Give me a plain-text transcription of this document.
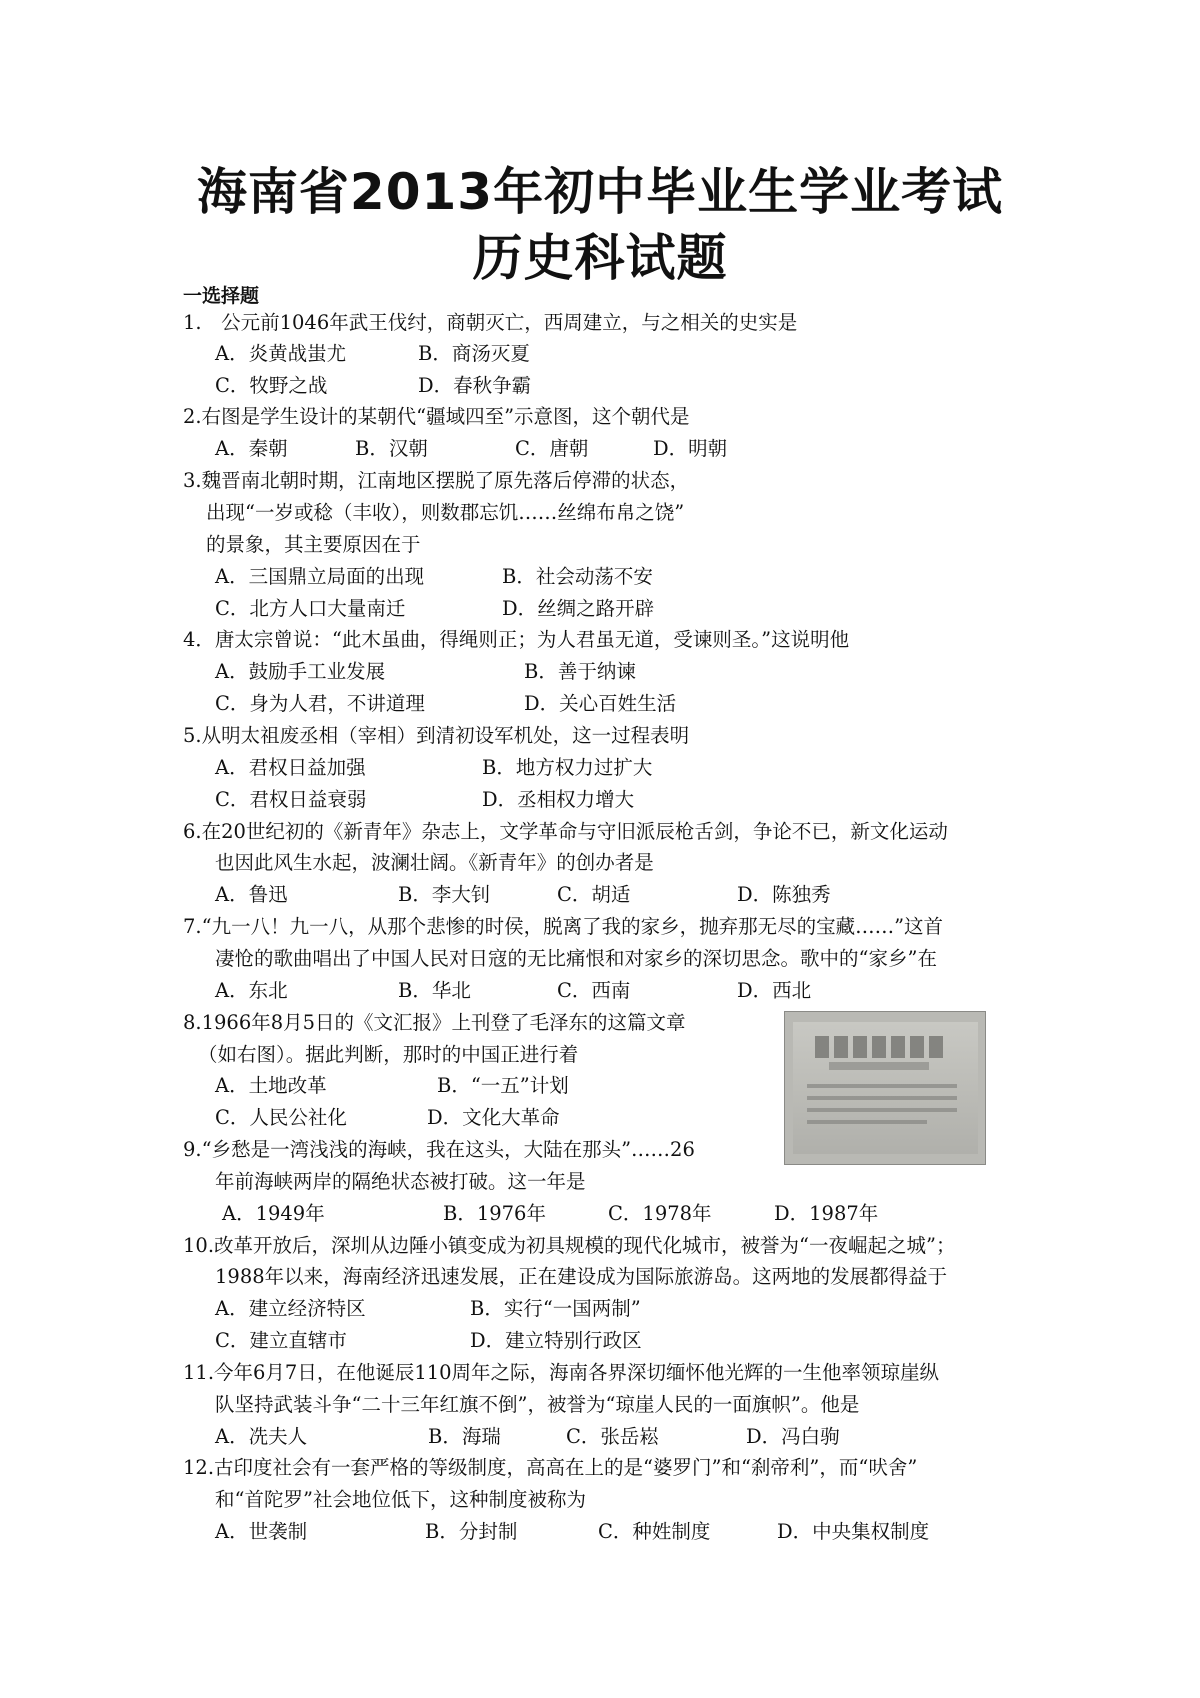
海南省2013年初中毕业生学业考试
历史科试题
一选择题
1.　公元前1046年武王伐纣，商朝灭亡，西周建立，与之相关的史实是
A．炎黄战蚩尤	B．商汤灭夏
C．牧野之战	D．春秋争霸
2.右图是学生设计的某朝代“疆域四至”示意图，这个朝代是
A．秦朝	B．汉朝	C．唐朝	D．明朝
3.魏晋南北朝时期，江南地区摆脱了原先落后停滞的状态，
出现“一岁或稔（丰收），则数郡忘饥……丝绵布帛之饶”
的景象，其主要原因在于
A．三国鼎立局面的出现	B．社会动荡不安
C．北方人口大量南迁	D．丝绸之路开辟
4．唐太宗曾说：“此木虽曲，得绳则正；为人君虽无道，受谏则圣。”这说明他
A．鼓励手工业发展	B．善于纳谏
C．身为人君，不讲道理	D．关心百姓生活
5.从明太祖废丞相（宰相）到清初设军机处，这一过程表明
A．君权日益加强	B．地方权力过扩大
C．君权日益衰弱	D．丞相权力增大
6.在20世纪初的《新青年》杂志上，文学革命与守旧派辰枪舌剑，争论不已，新文化运动
也因此风生水起，波澜壮阔。《新青年》的创办者是
A．鲁迅	B．李大钊	C．胡适	D．陈独秀
7.“九一八！九一八，从那个悲惨的时侯，脱离了我的家乡，抛弃那无尽的宝藏……”这首
凄怆的歌曲唱出了中国人民对日寇的无比痛恨和对家乡的深切思念。歌中的“家乡”在
A．东北	B．华北	C．西南	D．西北
8.1966年8月5日的《文汇报》上刊登了毛泽东的这篇文章
（如右图）。据此判断，那时的中国正进行着
A．土地改革	B．“一五”计划
C．人民公社化	D．文化大革命
9.“乡愁是一湾浅浅的海峡，我在这头，大陆在那头”……26
年前海峡两岸的隔绝状态被打破。这一年是
A．1949年	B．1976年	C．1978年	D．1987年
10.改革开放后，深圳从边陲小镇变成为初具规模的现代化城市，被誉为“一夜崛起之城”；
1988年以来，海南经济迅速发展，正在建设成为国际旅游岛。这两地的发展都得益于
A．建立经济特区	B．实行“一国两制”
C．建立直辖市	D．建立特别行政区
11.今年6月7日，在他诞辰110周年之际，海南各界深切缅怀他光辉的一生他率领琼崖纵
队坚持武装斗争“二十三年红旗不倒”，被誉为“琼崖人民的一面旗帜”。他是
A．冼夫人	B．海瑞	C．张岳崧	D．冯白驹
12.古印度社会有一套严格的等级制度，高高在上的是“婆罗门”和“刹帝利”，而“吠舍”
和“首陀罗”社会地位低下，这种制度被称为
A．世袭制	B．分封制	C．种姓制度	D．中央集权制度
